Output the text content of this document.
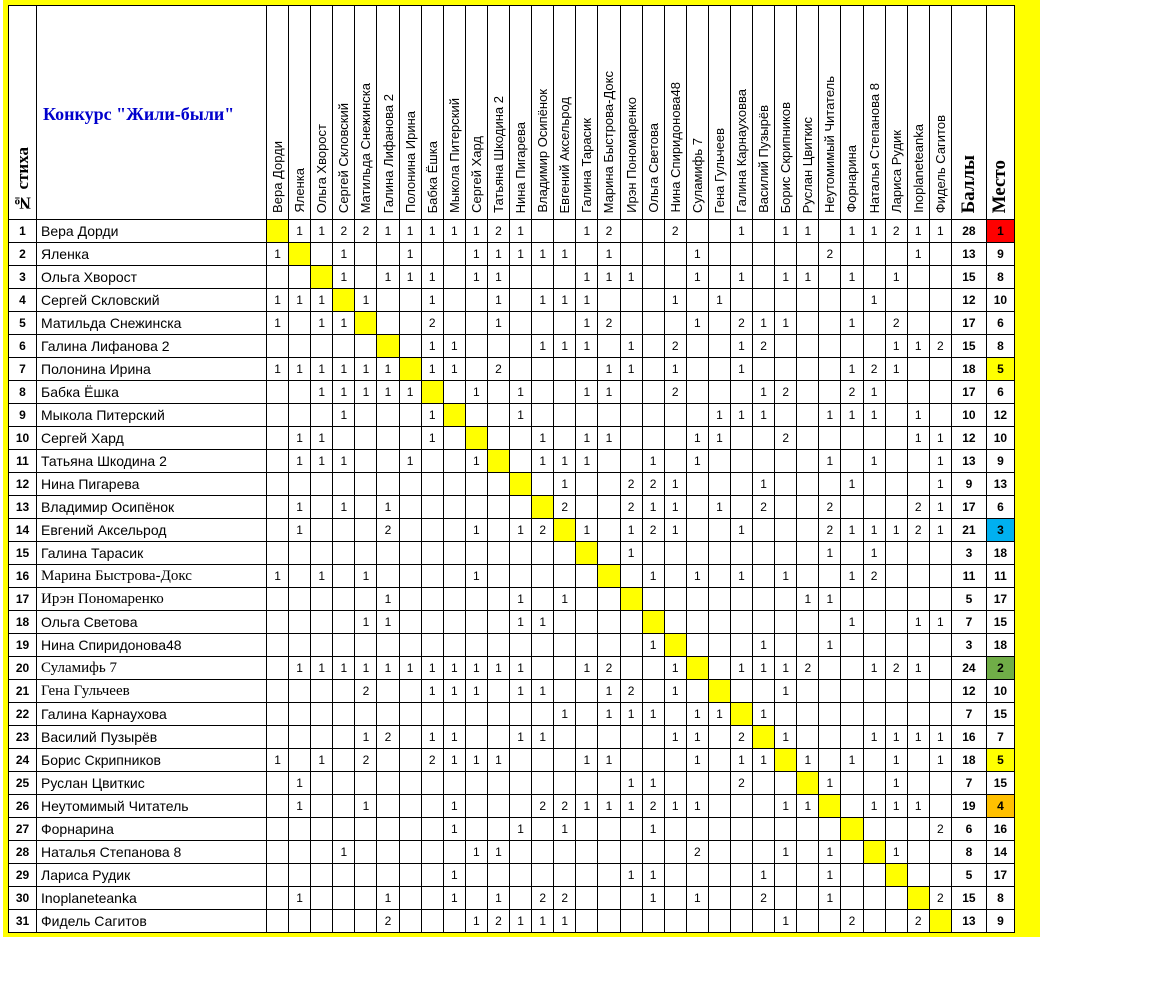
№ стиха	Конкурс "Жили-были"	Вера Дорди	Яленка	Ольга Хворост	Сергей Скловский	Матильда Снежинска	Галина Лифанова 2	Полонина Ирина	Бабка Ёшка	Мыкола Питерский	Сергей Хард	Татьяна Шкодина 2	Нина Пигарева	Владимир Осипёнок	Евгений Аксельрод	Галина Тарасик	Марина Быстрова-Докс	Ирэн Пономаренко	Ольга Светова	Нина Спиридонова48	Суламифь 7	Гена Гульчеев	Галина Карнауховва	Василий Пузырёв	Борис Скрипников	Руслан Цвиткис	Неутомимый Читатель	Форнарина	Наталья Степанова 8	Лариса Рудик	Inoplaneteanka	Фидель Сагитов	Баллы	Место
1	Вера Дорди		1	1	2	2	1	1	1	1	1	2	1			1	2			2			1		1	1		1	1	2	1	1	28	1
2	Яленка	1			1			1			1	1	1	1	1		1				1						2				1		13	9
3	Ольга Хворост				1		1	1	1		1	1				1	1	1			1		1		1	1		1		1			15	8
4	Сергей Скловский	1	1	1		1			1			1		1	1	1				1		1							1				12	10
5	Матильда Снежинска	1		1	1				2			1				1	2				1		2	1	1			1		2			17	6
6	Галина Лифанова 2								1	1				1	1	1		1		2			1	2						1	1	2	15	8
7	Полонина Ирина	1	1	1	1	1	1		1	1		2					1	1		1			1					1	2	1			18	5
8	Бабка Ёшка			1	1	1	1	1			1		1			1	1			2				1	2			2	1				17	6
9	Мыкола Питерский				1				1				1									1	1	1			1	1	1		1		10	12
10	Сергей Хард		1	1					1					1		1	1				1	1			2						1	1	12	10
11	Татьяна Шкодина 2		1	1	1			1			1			1	1	1			1		1						1		1			1	13	9
12	Нина Пигарева														1			2	2	1				1				1				1	9	13
13	Владимир Осипёнок		1		1		1								2			2	1	1		1		2			2				2	1	17	6
14	Евгений Аксельрод		1				2				1		1	2		1		1	2	1			1				2	1	1	1	2	1	21	3
15	Галина Тарасик																	1									1		1				3	18
16	Марина Быстрова-Докс	1		1		1					1								1		1		1		1			1	2				11	11
17	Ирэн Пономаренко						1						1		1											1	1						5	17
18	Ольга Светова					1	1						1	1														1			1	1	7	15
19	Нина Спиридонова48																		1					1			1						3	18
20	Суламифь 7		1	1	1	1	1	1	1	1	1	1	1			1	2			1			1	1	1	2			1	2	1		24	2
21	Гена Гульчеев					2			1	1	1		1	1			1	2		1					1								12	10
22	Галина Карнаухова														1		1	1	1		1	1		1									7	15
23	Василий Пузырёв					1	2		1	1			1	1						1	1		2		1				1	1	1	1	16	7
24	Борис Скрипников	1		1		2			2	1	1	1				1	1				1		1	1		1		1		1		1	18	5
25	Руслан Цвиткис		1															1	1				2				1			1			7	15
26	Неутомимый Читатель		1			1				1				2	2	1	1	1	2	1	1				1	1			1	1	1		19	4
27	Форнарина									1			1		1				1													2	6	16
28	Наталья Степанова 8				1						1	1									2				1		1			1			8	14
29	Лариса Рудик									1								1	1					1			1						5	17
30	Inoplaneteanka		1				1			1		1		2	2				1		1			2			1					2	15	8
31	Фидель Сагитов						2				1	2	1	1	1										1			2			2		13	9
